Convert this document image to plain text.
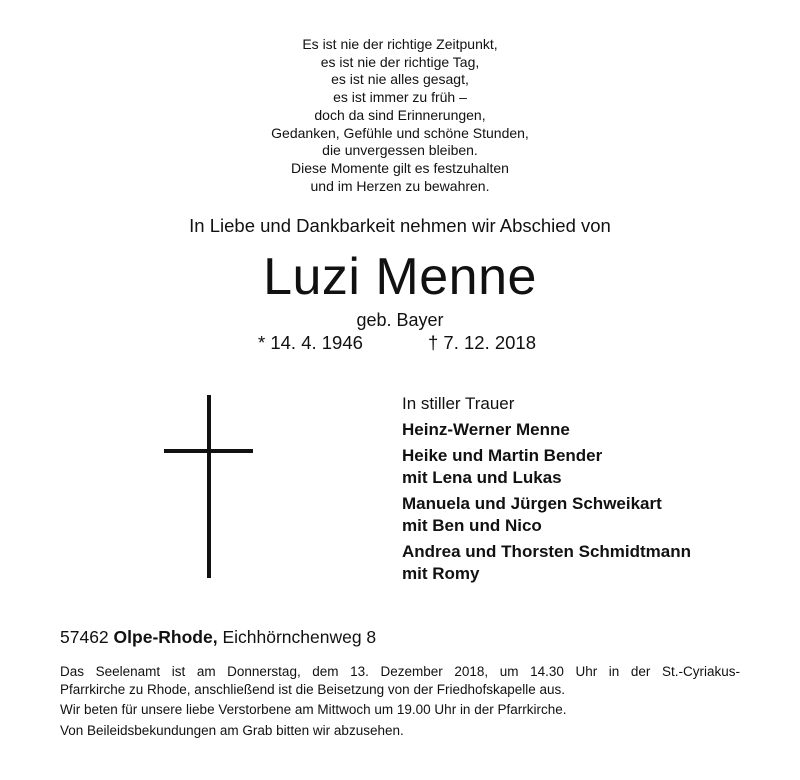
Es ist nie der richtige Zeitpunkt,
es ist nie der richtige Tag,
es ist nie alles gesagt,
es ist immer zu früh –
doch da sind Erinnerungen,
Gedanken, Gefühle und schöne Stunden,
die unvergessen bleiben.
Diese Momente gilt es festzuhalten
und im Herzen zu bewahren.
In Liebe und Dankbarkeit nehmen wir Abschied von
Luzi Menne
geb. Bayer
* 14. 4. 1946	† 7. 12. 2018
In stiller Trauer
Heinz-Werner Menne
Heike und Martin Bender
mit Lena und Lukas
Manuela und Jürgen Schweikart
mit Ben und Nico
Andrea und Thorsten Schmidtmann
mit Romy
57462 Olpe-Rhode, Eichhörnchenweg 8
Das Seelenamt ist am Donnerstag, dem 13. Dezember 2018, um 14.30 Uhr in der St.-Cyriakus-
Pfarrkirche zu Rhode, anschließend ist die Beisetzung von der Friedhofskapelle aus.
Wir beten für unsere liebe Verstorbene am Mittwoch um 19.00 Uhr in der Pfarrkirche.
Von Beileidsbekundungen am Grab bitten wir abzusehen.
